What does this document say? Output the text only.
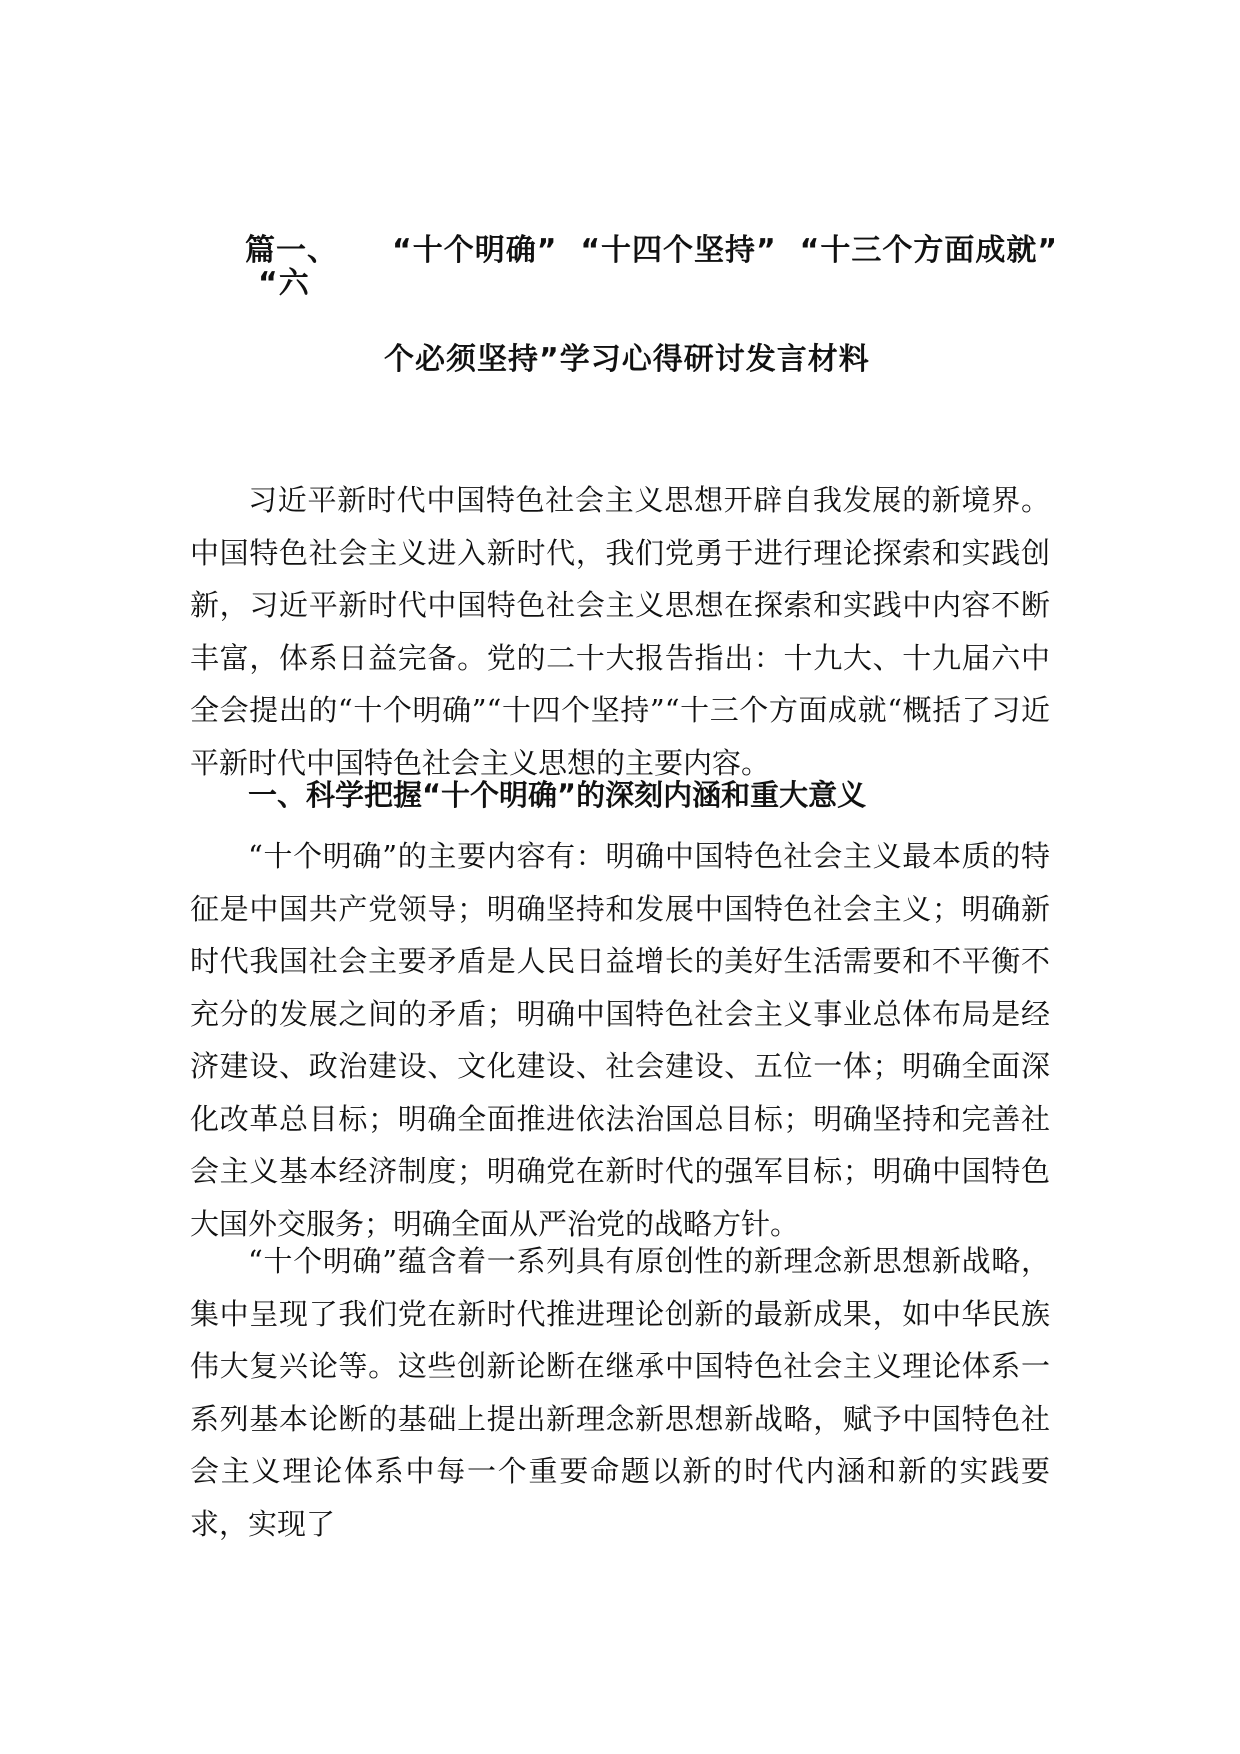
篇一、 “十个明确”  “十四个坚持”  “十三个方面成就”
“六
个必须坚持”学习心得研讨发言材料

习近平新时代中国特色社会主义思想开辟自我发展的新境界。中国特色社会主义进入新时代，我们党勇于进行理论探索和实践创新，习近平新时代中国特色社会主义思想在探索和实践中内容不断丰富，体系日益完备。党的二十大报告指出：十九大、十九届六中全会提出的“十个明确”“十四个坚持”“十三个方面成就“概括了习近平新时代中国特色社会主义思想的主要内容。

一、科学把握“十个明确”的深刻内涵和重大意义

“十个明确”的主要内容有：明确中国特色社会主义最本质的特征是中国共产党领导；明确坚持和发展中国特色社会主义；明确新时代我国社会主要矛盾是人民日益增长的美好生活需要和不平衡不充分的发展之间的矛盾；明确中国特色社会主义事业总体布局是经济建设、政治建设、文化建设、社会建设、五位一体；明确全面深化改革总目标；明确全面推进依法治国总目标；明确坚持和完善社会主义基本经济制度；明确党在新时代的强军目标；明确中国特色大国外交服务；明确全面从严治党的战略方针。

“十个明确”蕴含着一系列具有原创性的新理念新思想新战略，集中呈现了我们党在新时代推进理论创新的最新成果，如中华民族伟大复兴论等。这些创新论断在继承中国特色社会主义理论体系一系列基本论断的基础上提出新理念新思想新战略，赋予中国特色社会主义理论体系中每一个重要命题以新的时代内涵和新的实践要求，实现了
